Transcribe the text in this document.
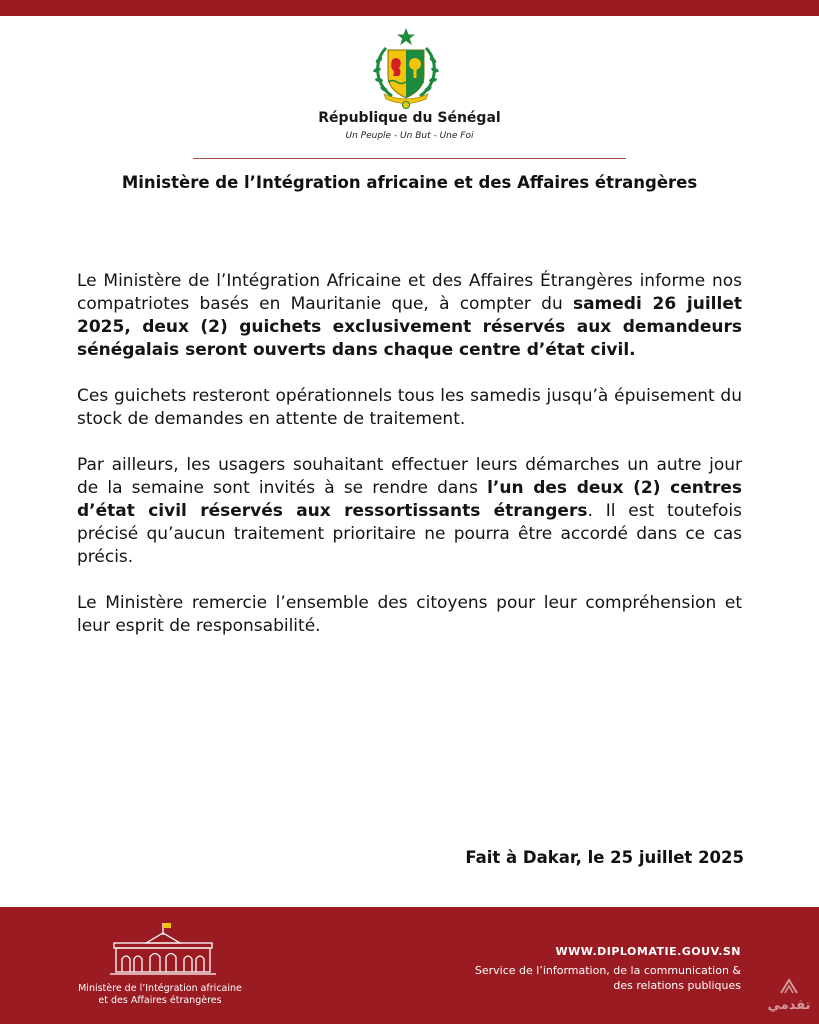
République du Sénégal
Un Peuple - Un But - Une Foi
Ministère de l’Intégration africaine et des Affaires étrangères

Le Ministère de l’Intégration Africaine et des Affaires Étrangères informe nos compatriotes basés en Mauritanie que, à compter du samedi 26 juillet 2025, deux (2) guichets exclusivement réservés aux demandeurs sénégalais seront ouverts dans chaque centre d’état civil.

Ces guichets resteront opérationnels tous les samedis jusqu’à épuisement du stock de demandes en attente de traitement.

Par ailleurs, les usagers souhaitant effectuer leurs démarches un autre jour de la semaine sont invités à se rendre dans l’un des deux (2) centres d’état civil réservés aux ressortissants étrangers. Il est toutefois précisé qu’aucun traitement prioritaire ne pourra être accordé dans ce cas précis.

Le Ministère remercie l’ensemble des citoyens pour leur compréhension et leur esprit de responsabilité.

Fait à Dakar, le 25 juillet 2025
Ministère de l’Intégration africaine
et des Affaires étrangères
WWW.DIPLOMATIE.GOUV.SN
Service de l’information, de la communication &
des relations publiques
تقدمي
